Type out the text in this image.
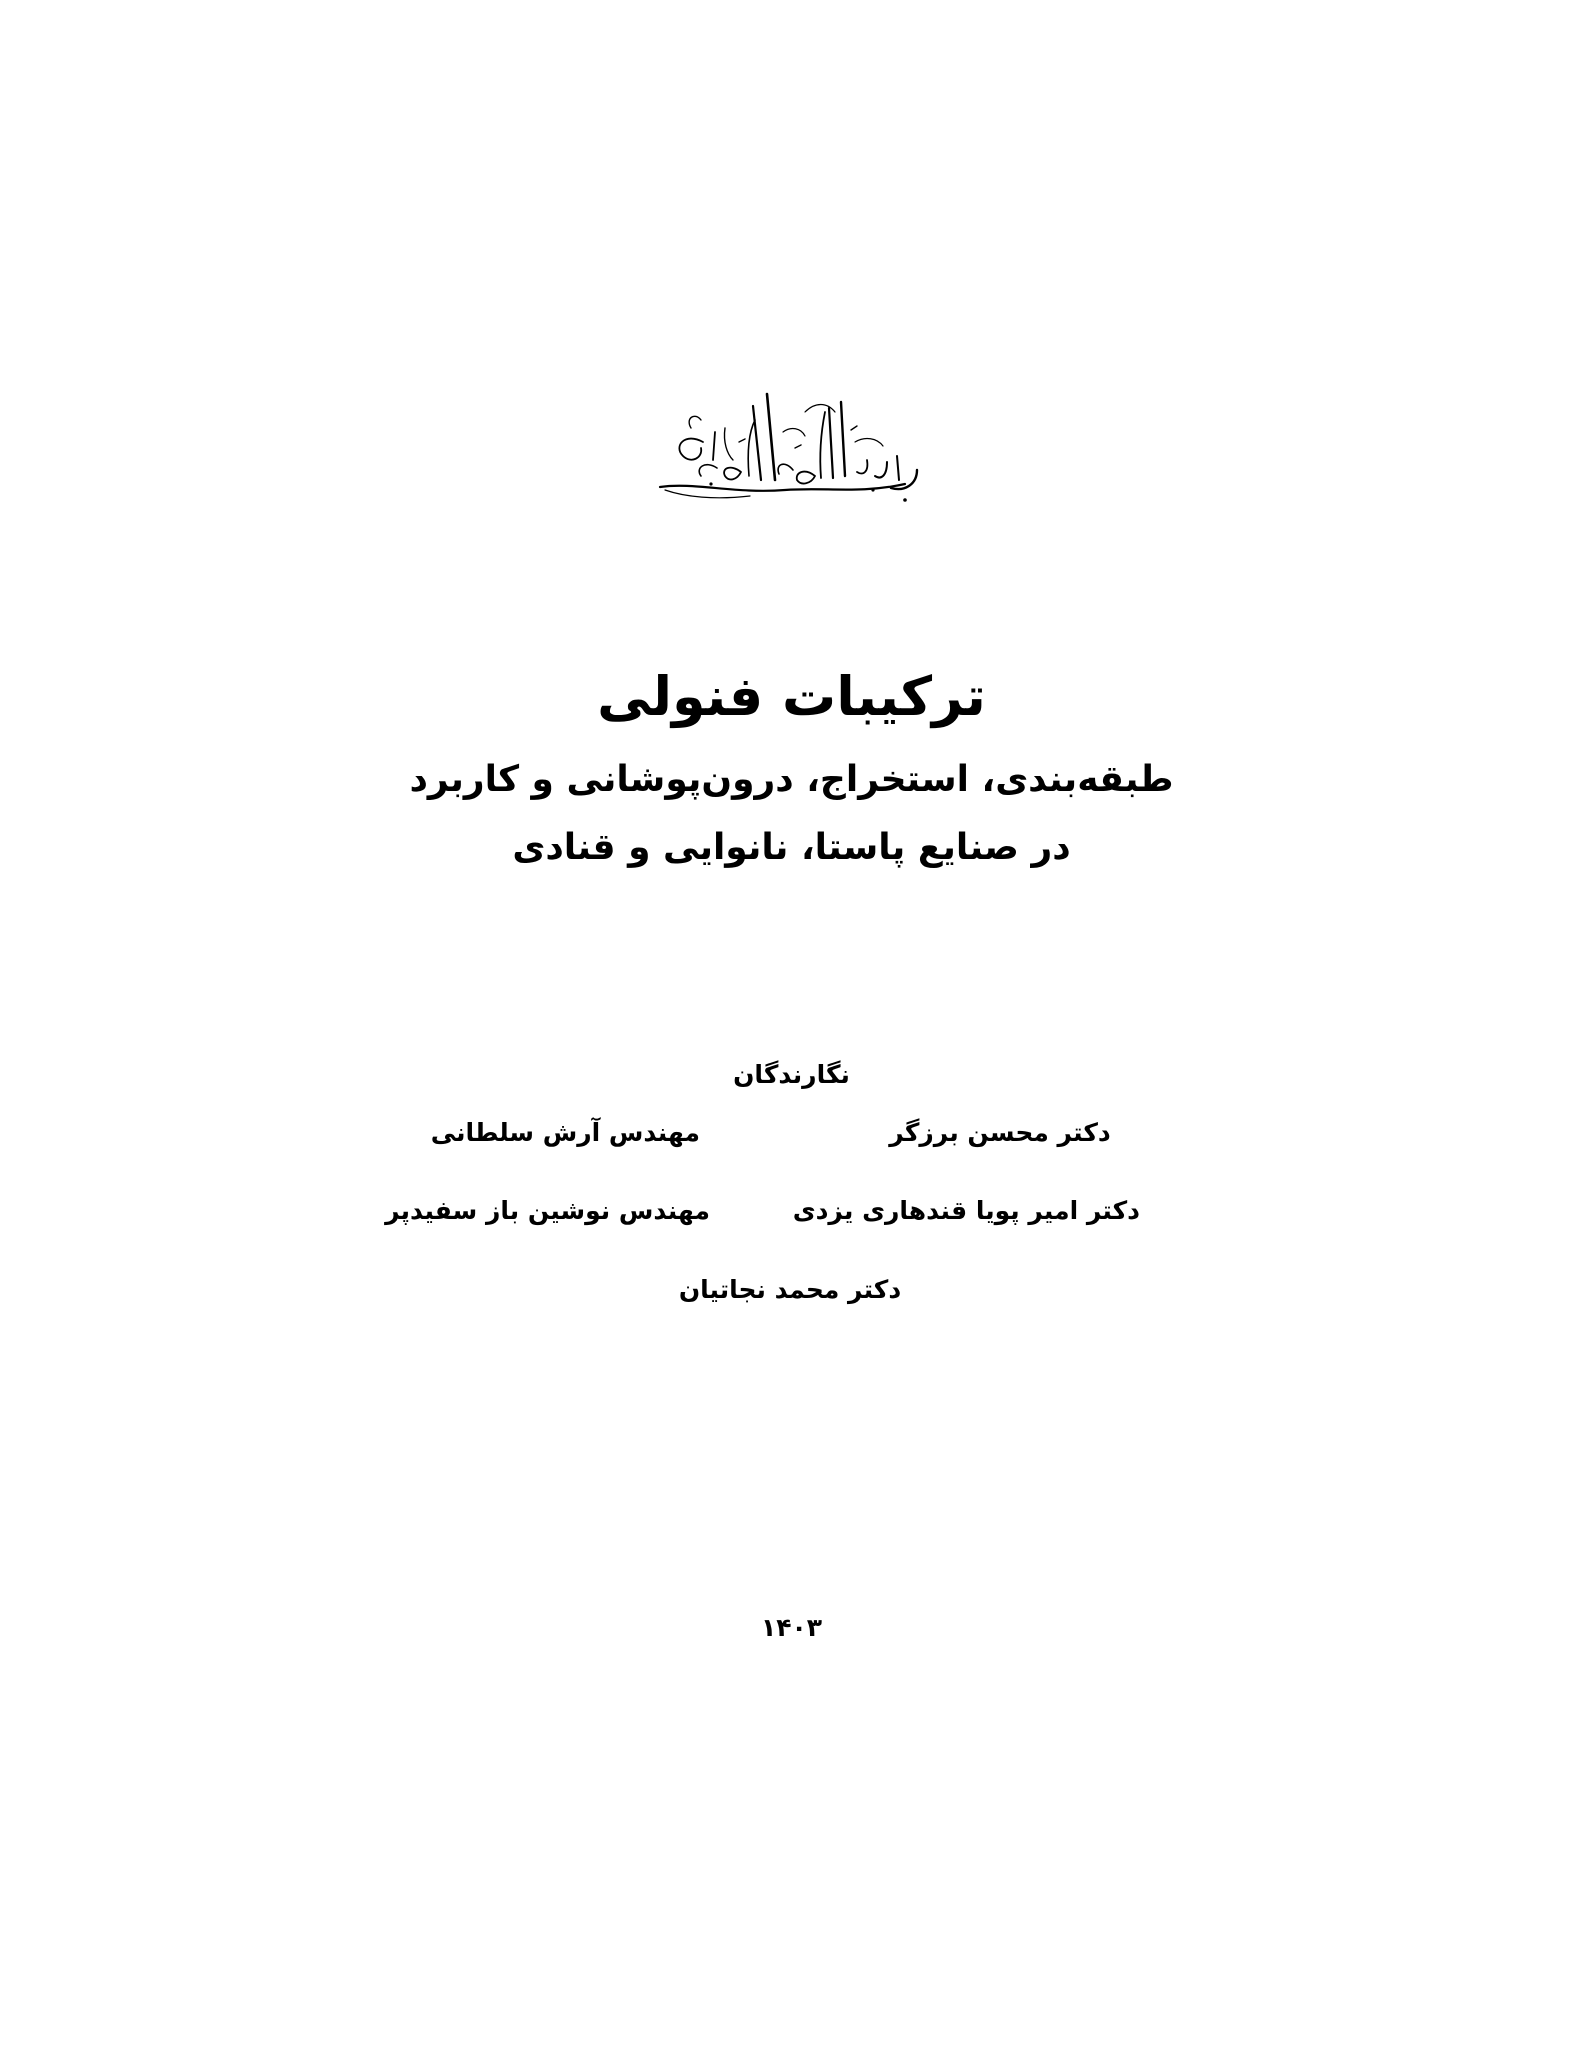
ترکیبات فنولی
طبقه‌بندی، استخراج، درون‌پوشانی و کاربرد
در صنایع پاستا، نانوایی و قنادی
نگارندگان
دکتر محسن برزگر
مهندس آرش سلطانی
دکتر امیر پویا قندهاری یزدی
مهندس نوشین باز سفیدپر
دکتر محمد نجاتیان
۱۴۰۳
